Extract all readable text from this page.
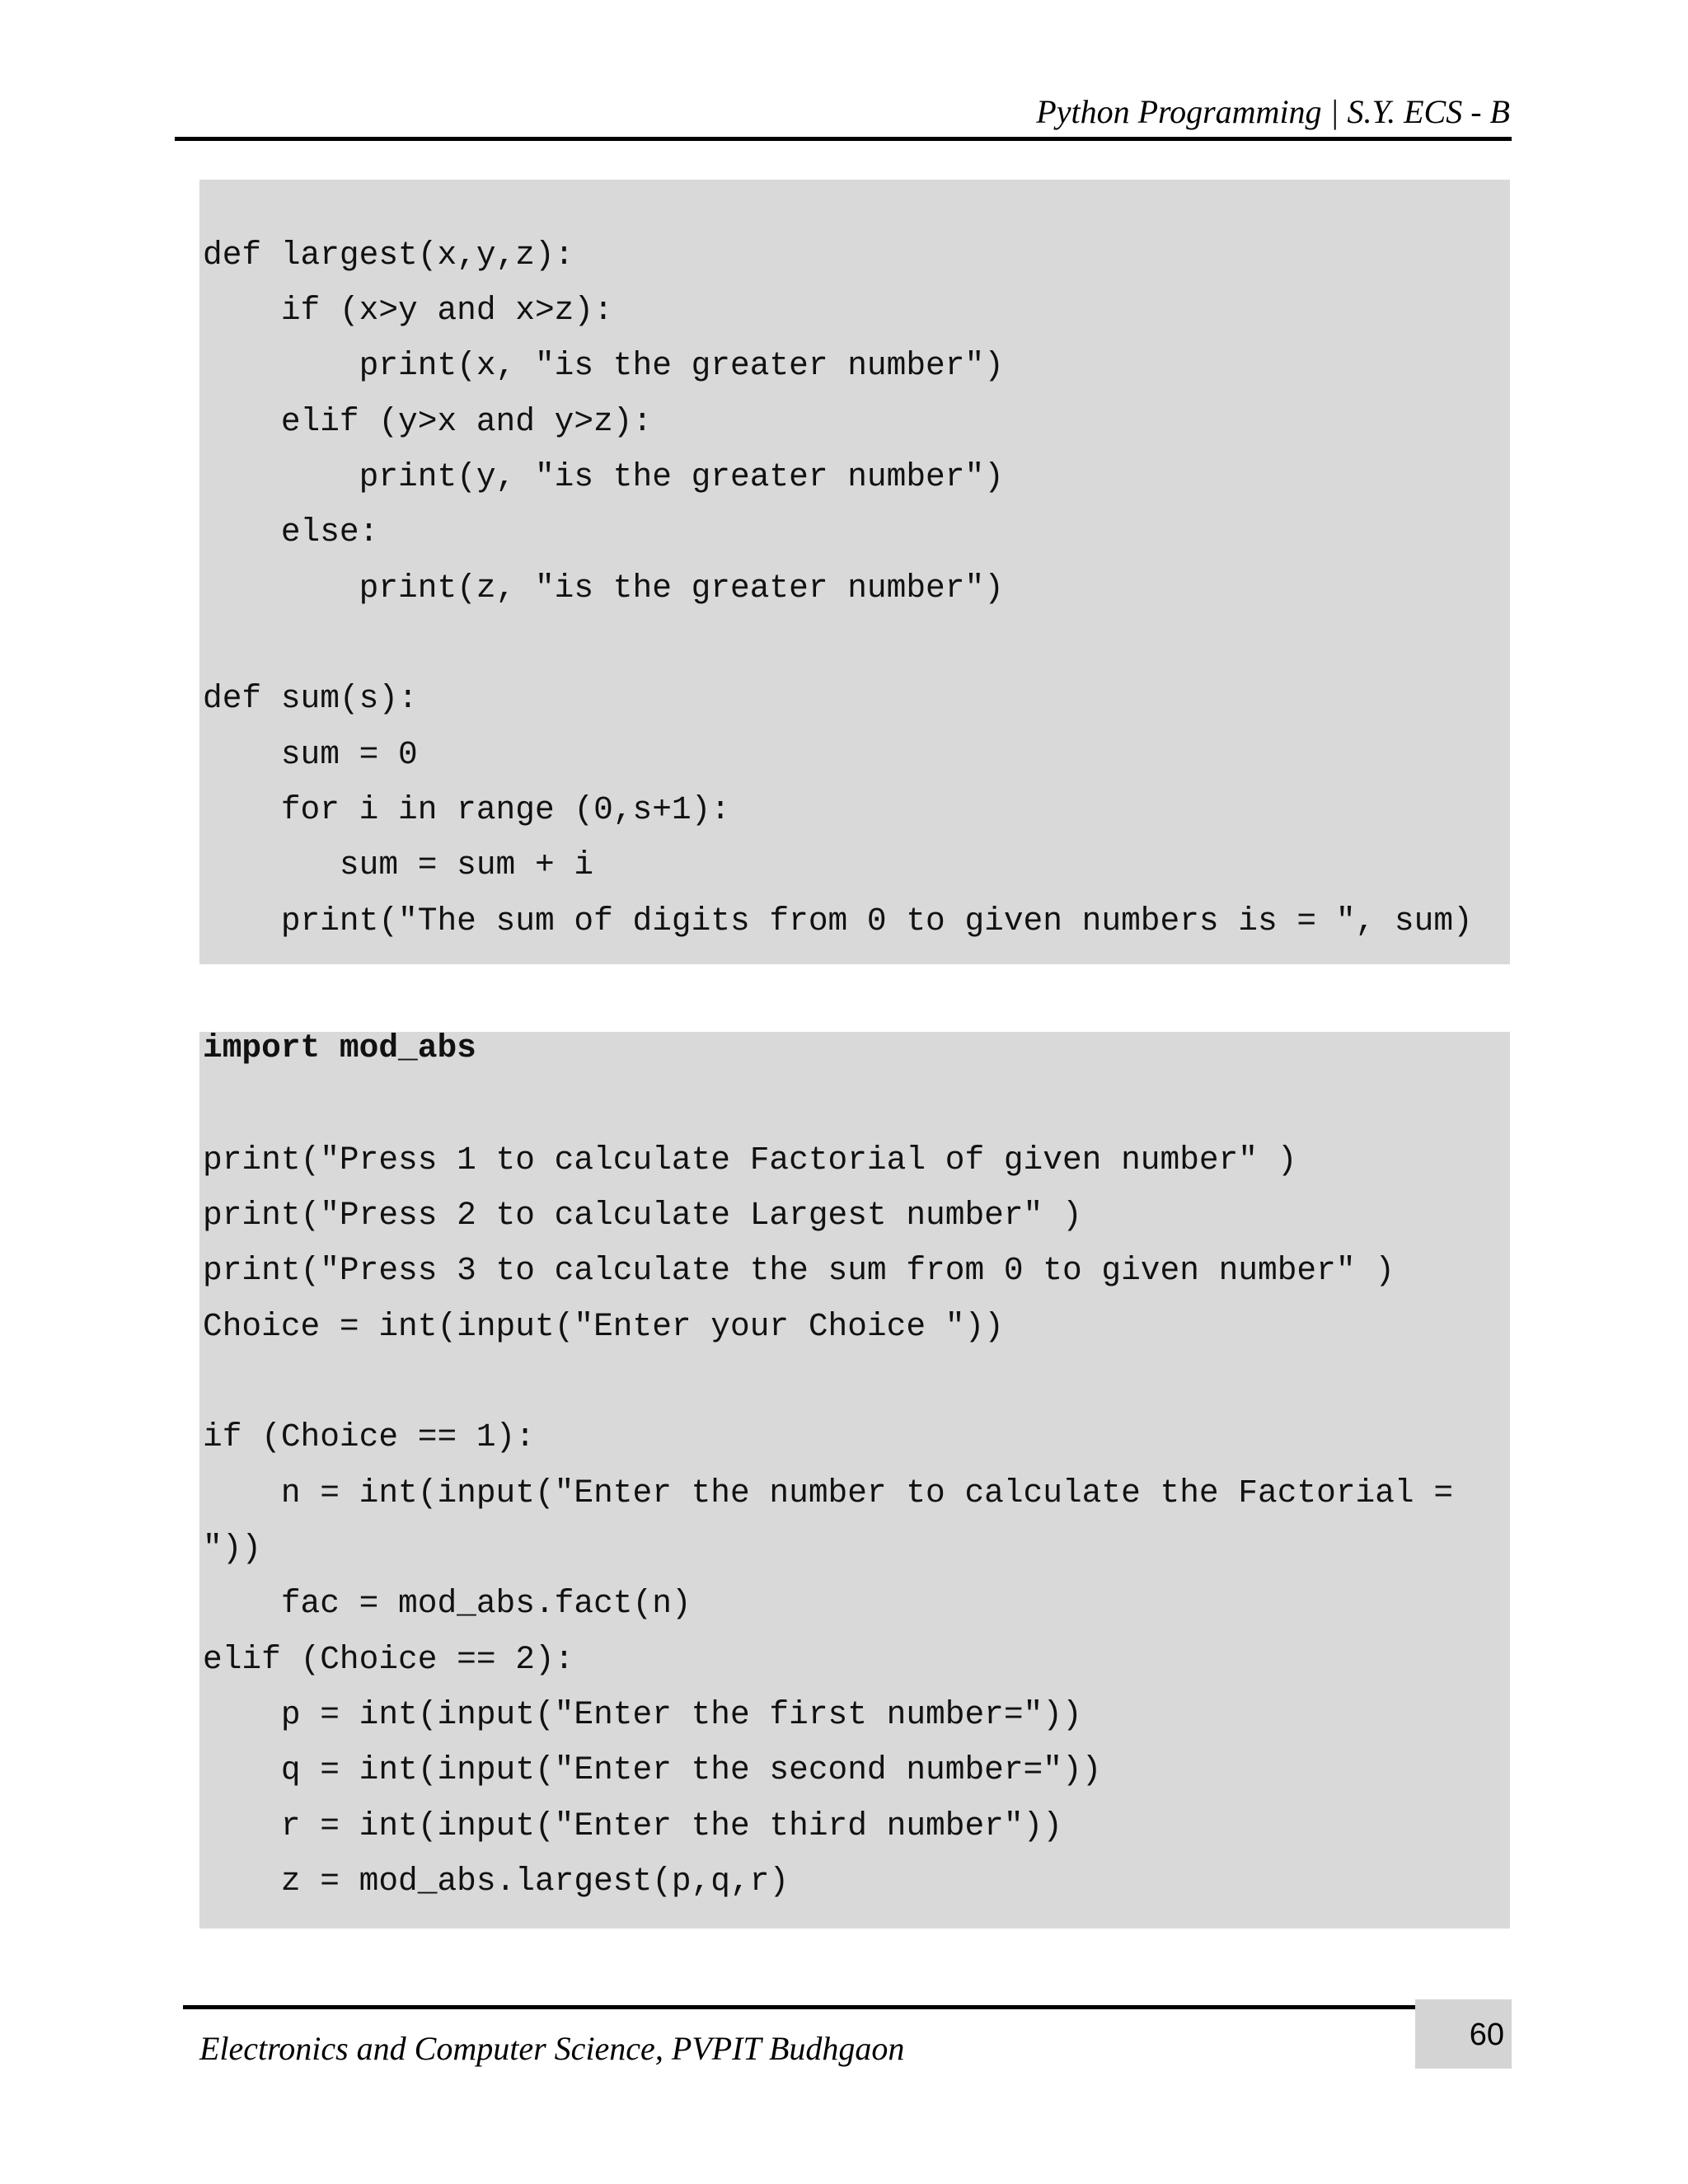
Python Programming | S.Y. ECS - B
def largest(x,y,z):
if (x>y and x>z):
print(x, "is the greater number")
elif (y>x and y>z):
print(y, "is the greater number")
else:
print(z, "is the greater number")
def sum(s):
sum = 0
for i in range (0,s+1):
sum = sum + i
print("The sum of digits from 0 to given numbers is = ", sum)
import mod_abs
print("Press 1 to calculate Factorial of given number" )
print("Press 2 to calculate Largest number" )
print("Press 3 to calculate the sum from 0 to given number" )
Choice = int(input("Enter your Choice "))
if (Choice == 1):
n = int(input("Enter the number to calculate the Factorial =
"))
fac = mod_abs.fact(n)
elif (Choice == 2):
p = int(input("Enter the first number="))
q = int(input("Enter the second number="))
r = int(input("Enter the third number"))
z = mod_abs.largest(p,q,r)
60
Electronics and Computer Science, PVPIT Budhgaon
